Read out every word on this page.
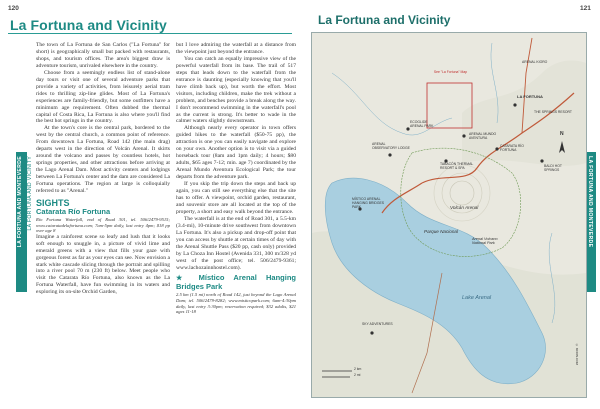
120	121
La Fortuna and Vicinity

The town of La Fortuna de San Carlos ("La Fortuna" for short) is geographically small but packed with restaurants, shops, and tourism offices. The area's biggest draw is adventure tourism, unrivaled elsewhere in the country.

Choose from a seemingly endless list of stand-alone day tours or visit one of several adventure parks that provide a variety of activities, from leisurely aerial tram rides to thrilling zip-line glides. Most of La Fortuna's experiences are family-friendly, but some outfitters have a minimum age requirement. Often dubbed the thermal capital of Costa Rica, La Fortuna is also where you'll find the best hot springs in the country.

At the town's core is the central park, bordered to the west by the central church, a common point of reference. From downtown La Fortuna, Road 142 (the main drag) departs west in the direction of Volcán Arenal. It skirts around the volcano and passes by countless hotels, hot springs properties, and other attractions before arriving at the Lago Arenal Dam. Most activity centers and lodgings between La Fortuna's center and the dam are considered La Fortuna operations. The region at large is colloquially referred to as "Arenal."

SIGHTS
Catarata Río Fortuna

Río Fortuna Waterfall, end of Road 301, tel. 506/2479-9515; www.cataratadelafortuna.com; 7am-5pm daily, last entry 4pm; $18 pp over age 8

Imagine a rainforest scene so leafy and lush that it looks soft enough to snuggle in, a picture of vivid lime and emerald greens with a view that fills your gaze with gorgeous forest as far as your eyes can see. Now envision a stark white cascade slicing through the portrait and spilling into a river pool 70 m (230 ft) below. Meet people who visit the Catarata Río Fortuna, also known as the La Fortuna Waterfall, have fun swimming in its waters and exploring its on-site Orchid Garden,

but I love admiring the waterfall at a distance from the viewpoint just beyond the entrance.

You can catch an equally impressive view of the powerful waterfall from its base. The trail of 517 steps that leads down to the waterfall from the entrance is daunting (especially knowing that you'll have climb back up), but worth the effort. Most visitors, including children, make the trek without a problem, and benches provide a break along the way. I don't recommend swimming in the waterfall's pool as the current is strong. It's better to wade in the calmer waters slightly downstream.

Although nearly every operator in town offers guided hikes to the waterfall ($50-75 pp), the attraction is one you can easily navigate and explore on your own. Another option is to visit via a guided horseback tour (8am and 1pm daily; 4 hours; $80 adults, $65 ages 7-12; min. age 7) coordinated by the Arenal Mundo Aventura Ecological Park; the tour departs from the adventure park.

If you skip the trip down the steps and back up again, you can still see everything else that the site has to offer. A viewpoint, orchid garden, restaurant, and souvenir store are all located at the top of the property, a short and easy walk beyond the entrance.

The waterfall is at the end of Road 301, a 5.5-km (3.4-mi), 10-minute drive southwest from downtown La Fortuna. It's also a pickup and drop-off point that you can access by shuttle at certain times of day with the Arenal Shuttle Pass ($20 pp, cash only) provided by La Choza Inn Hostel (Avenida 331, 300 m/328 yd west of the post office; tel. 506/2479-9361; www.lachozainnhostel.com).

★ Místico Arenal Hanging Bridges Park

2.5 km (1.5 mi) north of Road 142, just beyond the Lago Arenal Dam; tel. 506/2479-8282; www.misticopark.com; 6am-4:30pm daily, last entry 3:30pm; reservation required; $32 adults, $21 ages 11-18

LA FORTUNA AND MONTEVERDE LA FORTUNA AND VICINITY	LA FORTUNA AND MONTEVERDE
La Fortuna and Vicinity
See "La Fortuna" Map
LA FORTUNA
MÍSTICO ARENAL HANGING BRIDGES PARK
ARENAL MUNDO AVENTURA
CATARATA RÍO FORTUNA
ARENAL OBSERVATORY LODGE
ECOGLIDE ARENAL PARK
TABACÓN THERMAL RESORT & SPA	BALDI HOT SPRINGS
THE SPRINGS RESORT
ARENAL KIORO
SKY ADVENTURES
Volcán Arenal
Parque Nacional
Arenal Volcano National Park
Lake Arenal
N
2 km
2 mi
© MOON.COM
